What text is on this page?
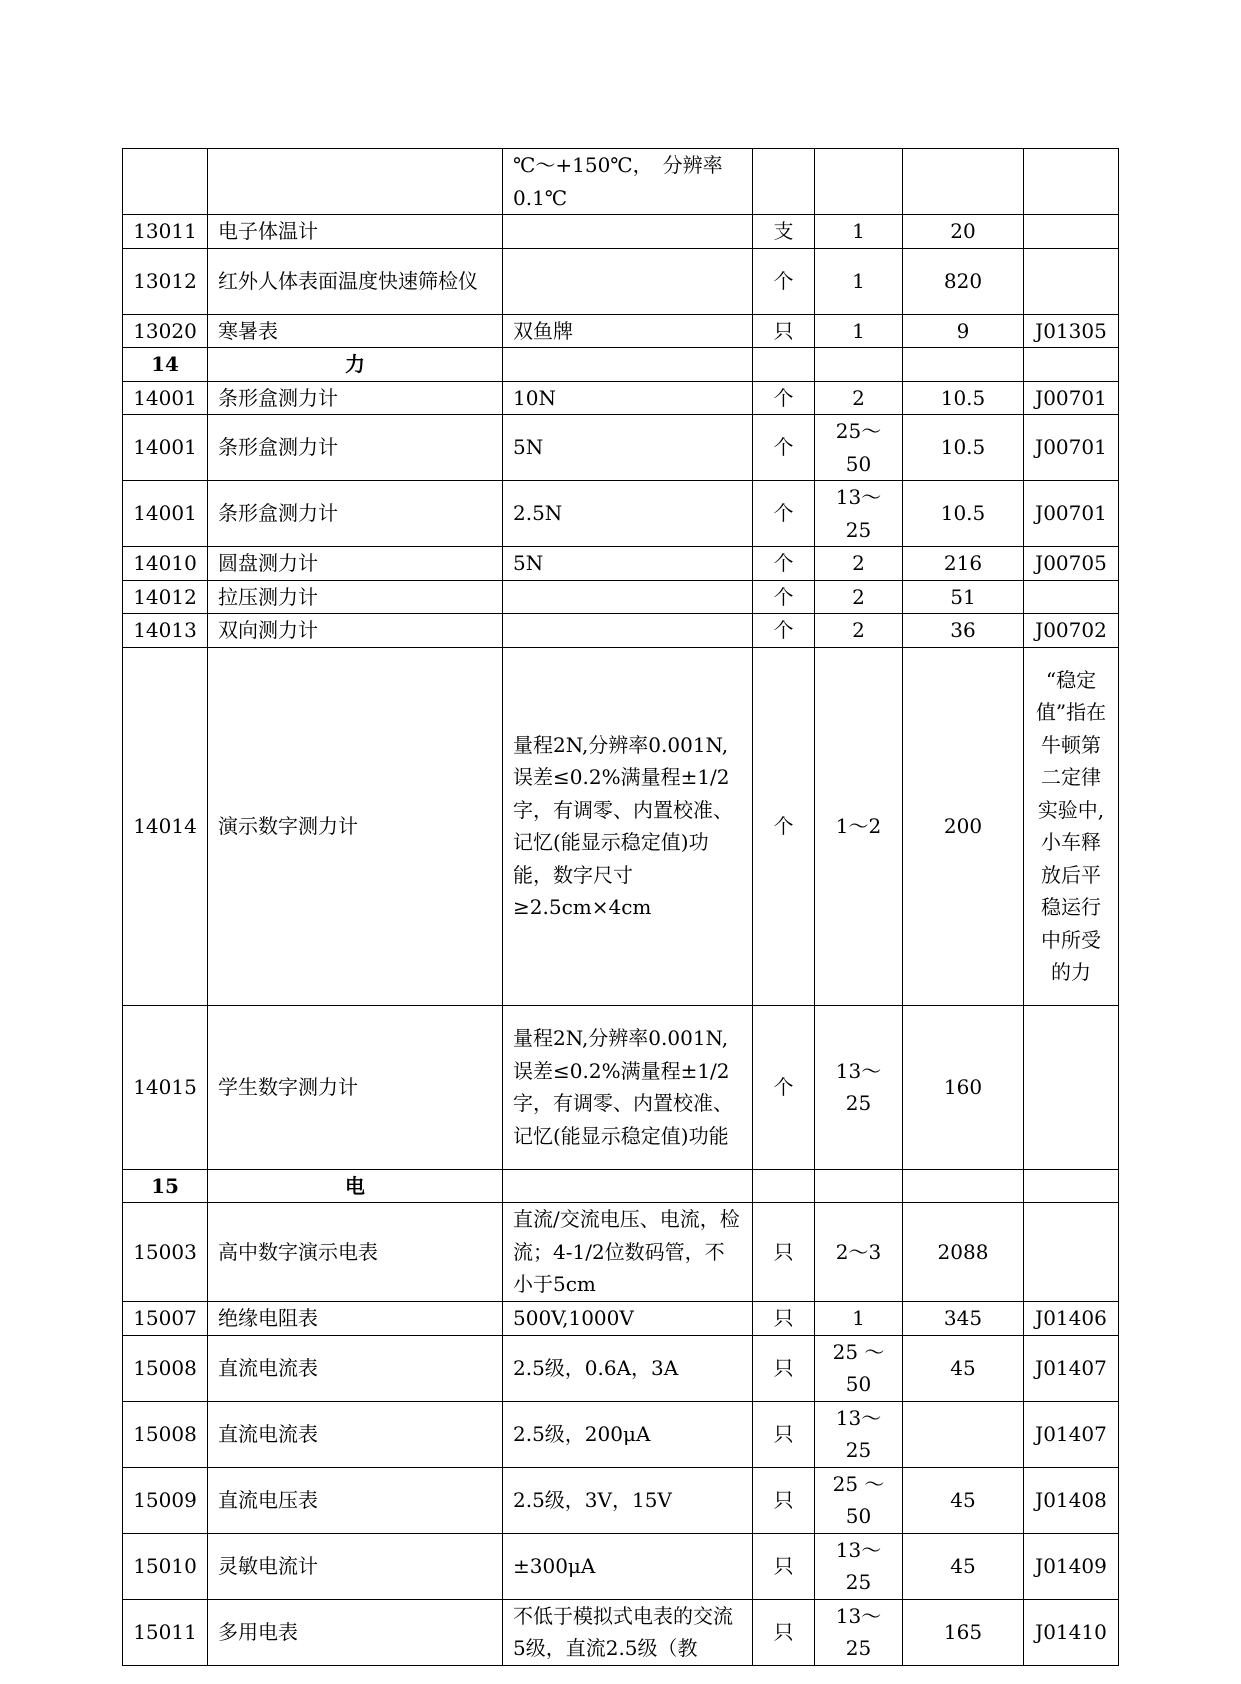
		℃～+150℃，　分辨率0.1℃				
13011	电子体温计		支	1	20	
13012	红外人体表面温度快速筛检仪		个	1	820	
13020	寒暑表	双鱼牌	只	1	9	J01305
14	力					
14001	条形盒测力计	10N	个	2	10.5	J00701
14001	条形盒测力计	5N	个	25～50	10.5	J00701
14001	条形盒测力计	2.5N	个	13～25	10.5	J00701
14010	圆盘测力计	5N	个	2	216	J00705
14012	拉压测力计		个	2	51	
14013	双向测力计		个	2	36	J00702
14014	演示数字测力计	量程2N,分辨率0.001N,误差≤0.2%满量程±1/2字，有调零、内置校准、记忆(能显示稳定值)功能，数字尺寸≥2.5cm×4cm	个	1～2	200	“稳定值”指在牛顿第二定律实验中,小车释放后平稳运行中所受的力
14015	学生数字测力计	量程2N,分辨率0.001N,误差≤0.2%满量程±1/2字，有调零、内置校准、记忆(能显示稳定值)功能	个	13～25	160	
15	电					
15003	高中数字演示电表	直流/交流电压、电流，检流；4-1/2位数码管，不小于5cm	只	2～3	2088	
15007	绝缘电阻表	500V,1000V	只	1	345	J01406
15008	直流电流表	2.5级，0.6A，3A	只	25 ～50	45	J01407
15008	直流电流表	2.5级，200μA	只	13～25		J01407
15009	直流电压表	2.5级，3V，15V	只	25 ～50	45	J01408
15010	灵敏电流计	±300μA	只	13～25	45	J01409
15011	多用电表	不低于模拟式电表的交流5级，直流2.5级（教	只	13～25	165	J01410
